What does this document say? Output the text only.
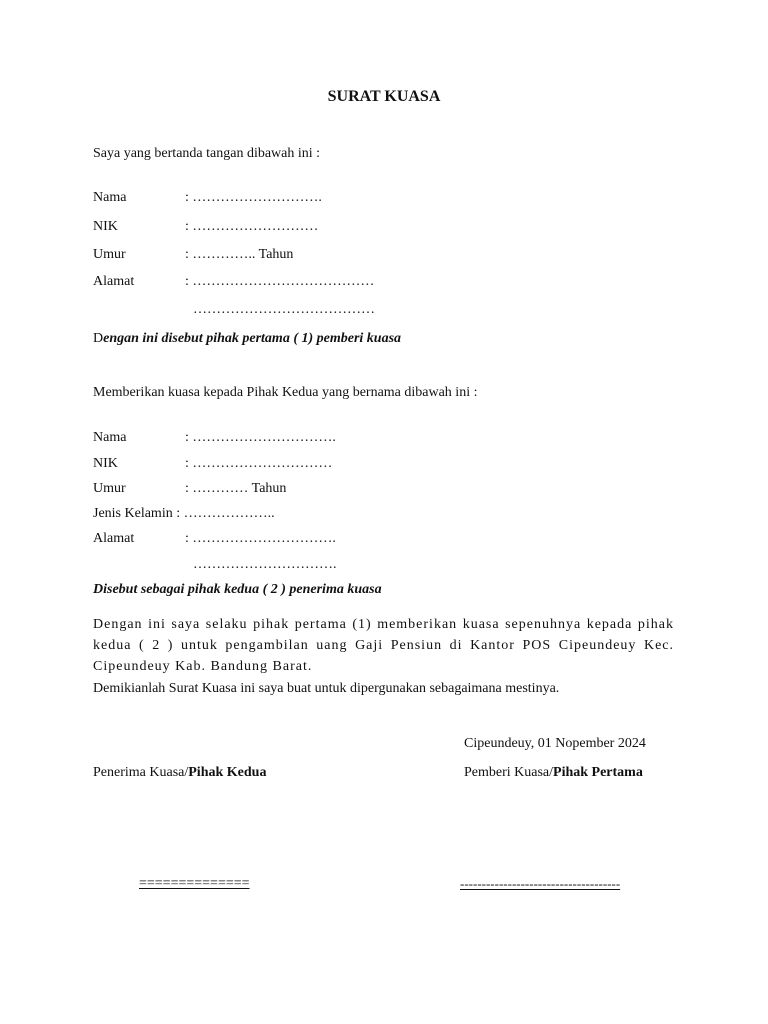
SURAT KUASA
Saya yang bertanda tangan dibawah ini :
Nama	: ……………………….
NIK	: ………………………
Umur	: ………….. Tahun
Alamat	: …………………………………
…………………………………
Dengan ini disebut pihak pertama ( 1) pemberi kuasa
Memberikan kuasa kepada Pihak Kedua yang bernama dibawah ini :
Nama	: ………………………….
NIK	: …………………………
Umur	: ………… Tahun
Jenis Kelamin : ………………..
Alamat	: ………………………….
………………………….
Disebut sebagai pihak kedua ( 2 ) penerima kuasa
Dengan ini saya selaku pihak pertama (1) memberikan kuasa sepenuhnya kepada pihak kedua ( 2 ) untuk pengambilan uang Gaji Pensiun di Kantor POS Cipeundeuy Kec. Cipeundeuy Kab. Bandung Barat.
Demikianlah Surat Kuasa ini saya buat untuk dipergunakan sebagaimana mestinya.
Cipeundeuy, 01 Nopember 2024
Penerima Kuasa/Pihak Kedua	Pemberi Kuasa/Pihak Pertama
==============	-------------------------------------
